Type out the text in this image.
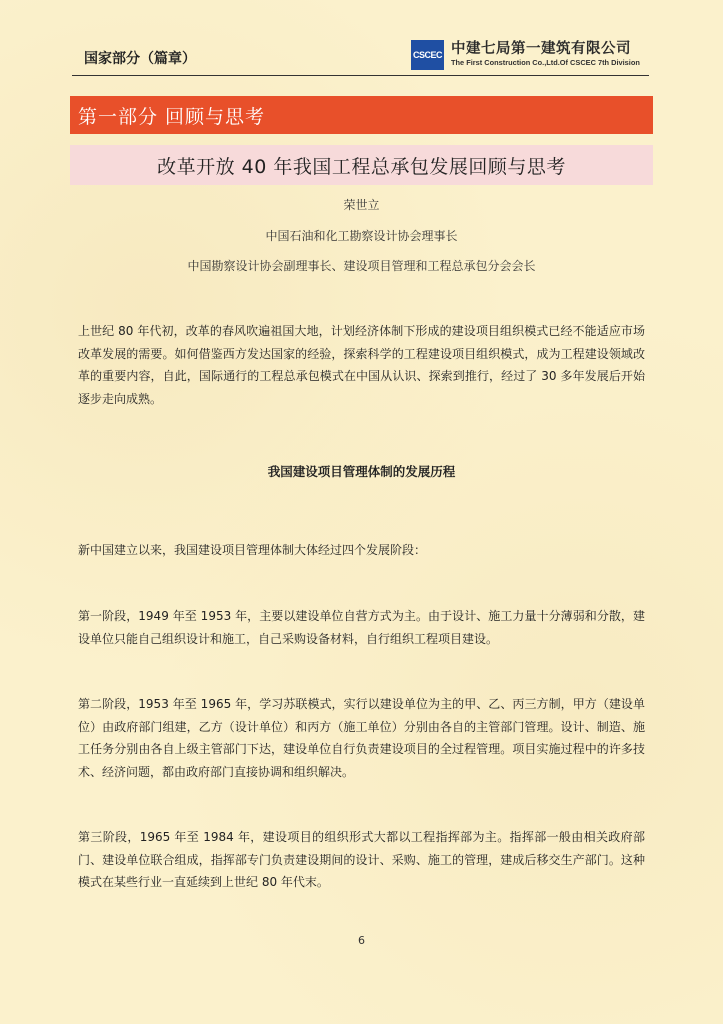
国家部分（篇章）	CSCEC 中建七局第一建筑有限公司
The First Construction Co.,Ltd.Of CSCEC 7th Division
第一部分 回顾与思考
改革开放 40 年我国工程总承包发展回顾与思考
荣世立
中国石油和化工勘察设计协会理事长
中国勘察设计协会副理事长、建设项目管理和工程总承包分会会长

上世纪 80 年代初，改革的春风吹遍祖国大地，计划经济体制下形成的建设项目组织模式已经不能适应市场改革发展的需要。如何借鉴西方发达国家的经验，探索科学的工程建设项目组织模式，成为工程建设领域改革的重要内容，自此，国际通行的工程总承包模式在中国从认识、探索到推行，经过了 30 多年发展后开始逐步走向成熟。

我国建设项目管理体制的发展历程

新中国建立以来，我国建设项目管理体制大体经过四个发展阶段：

第一阶段，1949 年至 1953 年，主要以建设单位自营方式为主。由于设计、施工力量十分薄弱和分散，建设单位只能自己组织设计和施工，自己采购设备材料，自行组织工程项目建设。

第二阶段，1953 年至 1965 年，学习苏联模式，实行以建设单位为主的甲、乙、丙三方制，甲方（建设单位）由政府部门组建，乙方（设计单位）和丙方（施工单位）分别由各自的主管部门管理。设计、制造、施工任务分别由各自上级主管部门下达，建设单位自行负责建设项目的全过程管理。项目实施过程中的许多技术、经济问题，都由政府部门直接协调和组织解决。

第三阶段，1965 年至 1984 年，建设项目的组织形式大都以工程指挥部为主。指挥部一般由相关政府部门、建设单位联合组成，指挥部专门负责建设期间的设计、采购、施工的管理，建成后移交生产部门。这种模式在某些行业一直延续到上世纪 80 年代末。

6
